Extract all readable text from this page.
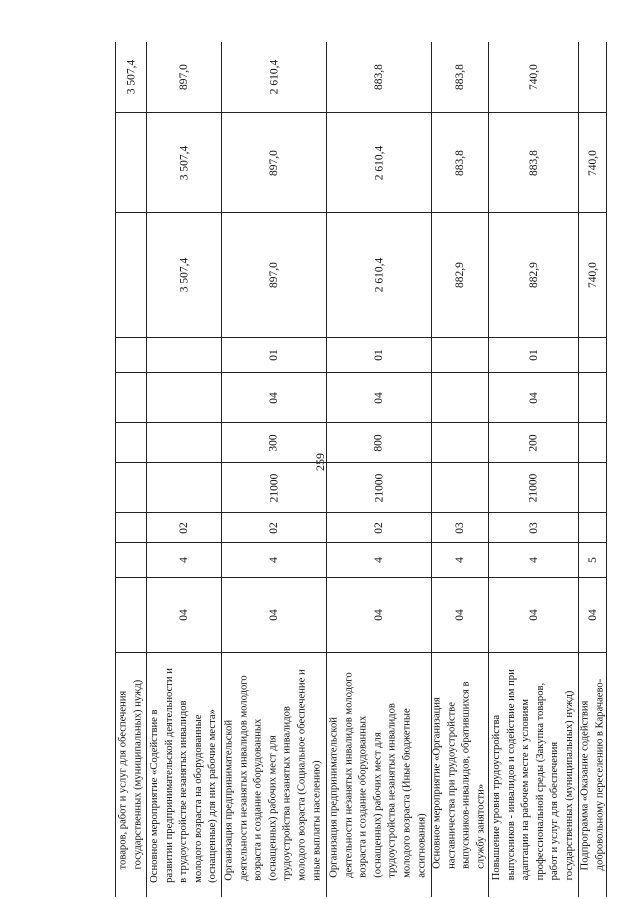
259
3 507,4
товаров, работ и услуг для обеспечения
государственных (муниципальных) нужд)
897,0
3 507,4
3 507,4
02
4
04
Основное мероприятие «Содействие в
развитии предпринимательской деятельности и
в трудоустройстве незанятых инвалидов
молодого возраста на оборудованные
(оснащенные) для них рабочие места»
2 610,4
897,0
897,0
01
04
300
21000
02
4
04
Организация предпринимательской
деятельности незанятых инвалидов молодого
возраста и создание оборудованных
(оснащенных) рабочих мест для
трудоустройства незанятых инвалидов
молодого возраста (Социальное обеспечение и
иные выплаты населению)
883,8
2 610,4
2 610,4
01
04
800
21000
02
4
04
Организация предпринимательской
деятельности незанятых инвалидов молодого
возраста и создание оборудованных
(оснащенных) рабочих мест для
трудоустройства незанятых инвалидов
молодого возраста (Иные бюджетные
ассигнования)
883,8
883,8
882,9
03
4
04
Основное мероприятие «Организация
наставничества при трудоустройстве
выпускников-инвалидов, обратившихся в
службу занятости»
740,0
883,8
882,9
01
04
200
21000
03
4
04
Повышение уровня трудоустройства
выпускников - инвалидов и содействие им при
адаптации на рабочем месте к условиям
профессиональной среды (Закупка товаров,
работ и услуг для обеспечения
государственных (муниципальных) нужд)
740,0
740,0
5
04
Подпрограмма «Оказание содействия
добровольному переселению в Карачаево-
